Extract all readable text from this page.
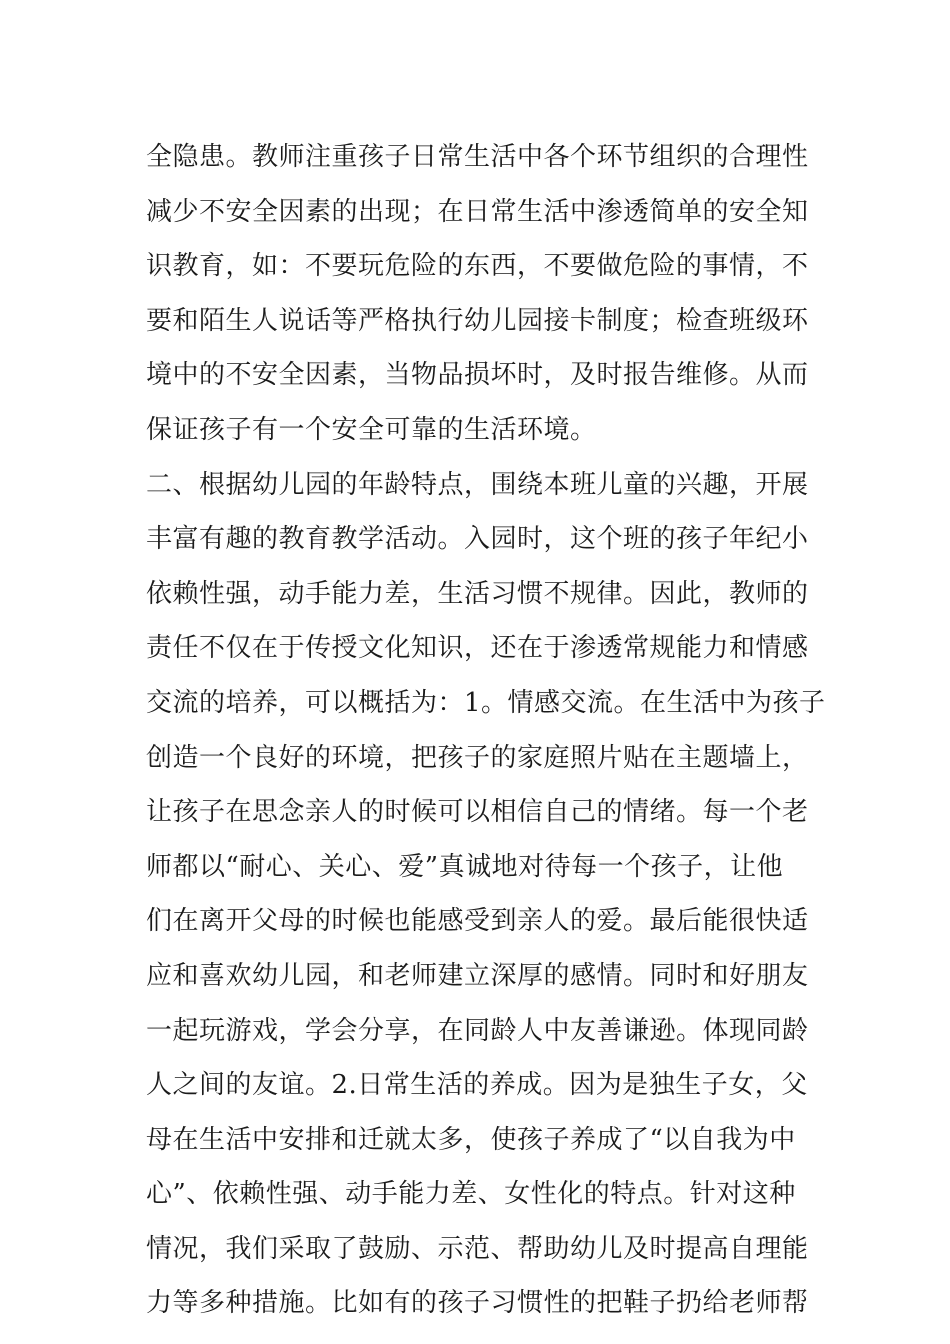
全隐患。教师注重孩子日常生活中各个环节组织的合理性
减少不安全因素的出现；在日常生活中渗透简单的安全知
识教育，如：不要玩危险的东西，不要做危险的事情，不
要和陌生人说话等严格执行幼儿园接卡制度；检查班级环
境中的不安全因素，当物品损坏时，及时报告维修。从而
保证孩子有一个安全可靠的生活环境。
二、根据幼儿园的年龄特点，围绕本班儿童的兴趣，开展
丰富有趣的教育教学活动。入园时，这个班的孩子年纪小
依赖性强，动手能力差，生活习惯不规律。因此，教师的
责任不仅在于传授文化知识，还在于渗透常规能力和情感
交流的培养，可以概括为：1。情感交流。在生活中为孩子
创造一个良好的环境，把孩子的家庭照片贴在主题墙上，
让孩子在思念亲人的时候可以相信自己的情绪。每一个老
师都以“耐心、关心、爱”真诚地对待每一个孩子，让他
们在离开父母的时候也能感受到亲人的爱。最后能很快适
应和喜欢幼儿园，和老师建立深厚的感情。同时和好朋友
一起玩游戏，学会分享，在同龄人中友善谦逊。体现同龄
人之间的友谊。2.日常生活的养成。因为是独生子女，父
母在生活中安排和迁就太多，使孩子养成了“以自我为中
心”、依赖性强、动手能力差、女性化的特点。针对这种
情况，我们采取了鼓励、示范、帮助幼儿及时提高自理能
力等多种措施。比如有的孩子习惯性的把鞋子扔给老师帮
